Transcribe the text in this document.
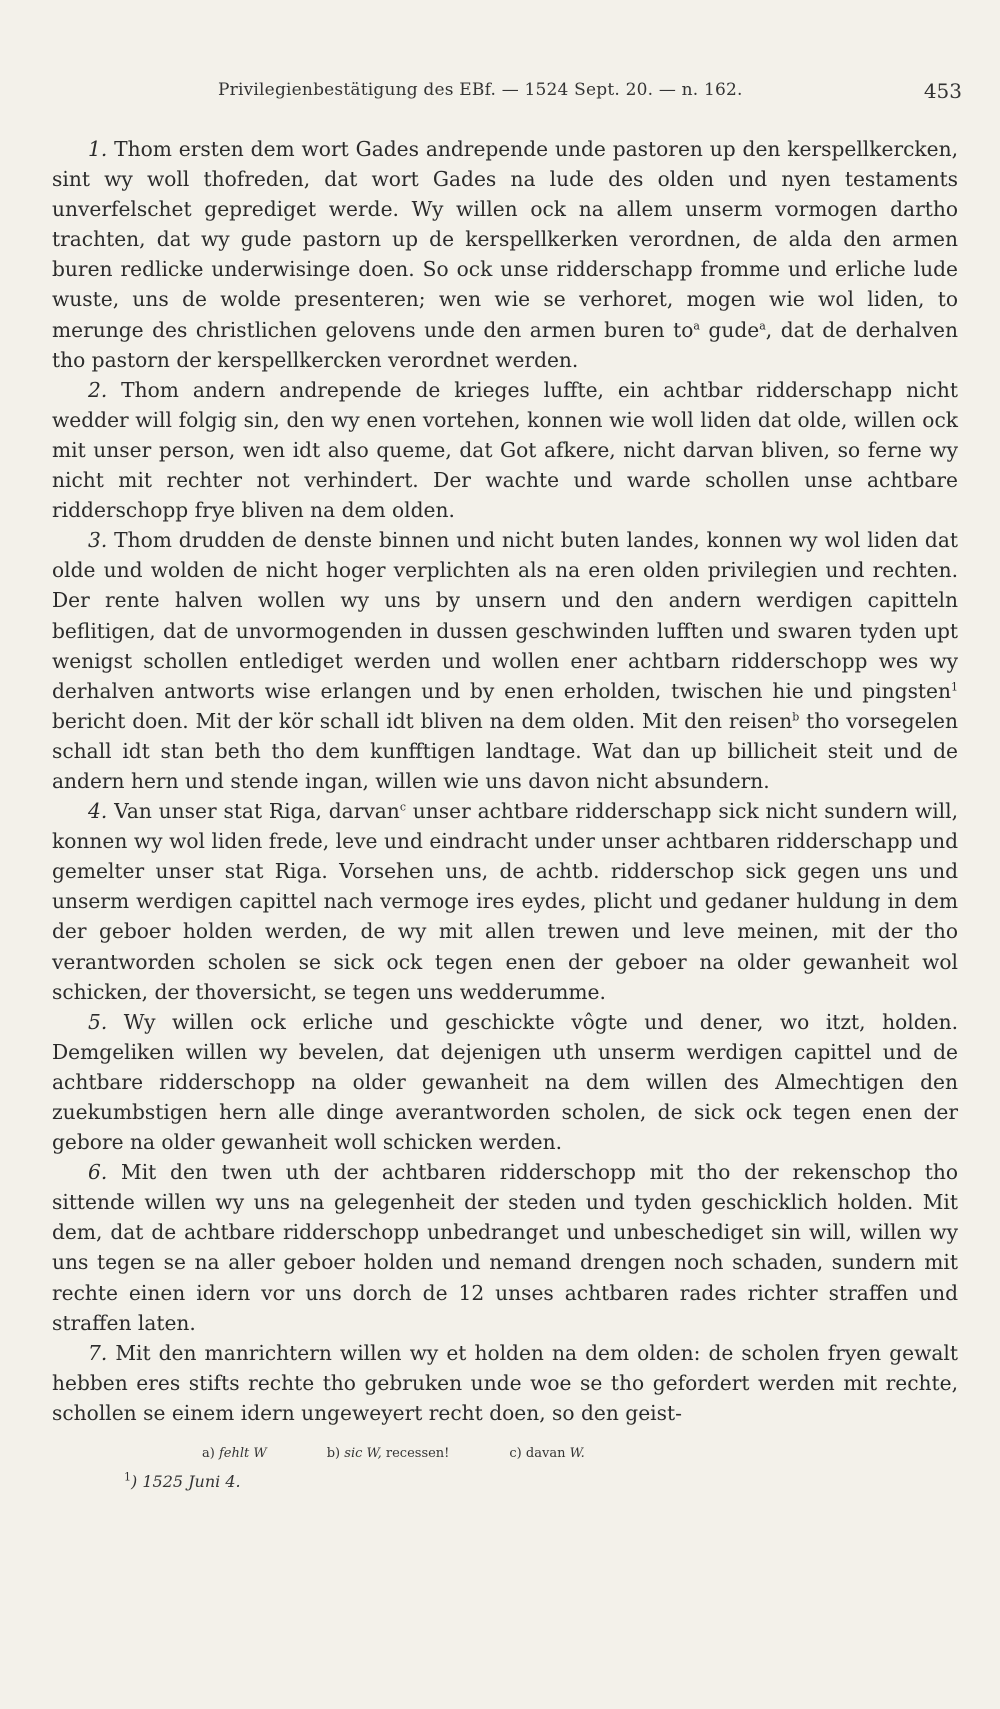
Privilegienbestätigung des EBf. — 1524 Sept. 20. — n. 162.	453

1. Thom ersten dem wort Gades andrepende unde pastoren up den kerspellkercken, sint wy woll thofreden, dat wort Gades na lude des olden und nyen testaments unverfelschet geprediget werde. Wy willen ock na allem unserm vormogen dartho trachten, dat wy gude pastorn up de kerspellkerken verordnen, de alda den armen buren redlicke underwisinge doen. So ock unse ridderschapp fromme und erliche lude wuste, uns de wolde presenteren; wen wie se verhoret, mogen wie wol liden, to merunge des christlichen gelovens unde den armen buren $to^a$ gude$^a$, dat de derhalven tho pastorn der kerspellkercken verordnet werden.

2. Thom andern andrepende de krieges luffte, ein achtbar ridderschapp nicht wedder will folgig sin, den wy enen vortehen, konnen wie woll liden dat olde, willen ock mit unser person, wen idt also queme, dat Got afkere, nicht darvan bliven, so ferne wy nicht mit rechter not verhindert. Der wachte und warde schollen unse achtbare ridderschopp frye bliven na dem olden.

3. Thom drudden de denste binnen und nicht buten landes, konnen wy wol liden dat olde und wolden de nicht hoger verplichten als na eren olden privilegien und rechten. Der rente halven wollen wy uns by unsern und den andern werdigen capitteln beflitigen, dat de unvormogenden in dussen geschwinden lufften und swaren tyden upt wenigst schollen entlediget werden und wollen ener achtbarn ridderschopp wes wy derhalven antworts wise erlangen und by enen erholden, twischen hie und pingsten$^1$ bericht doen. Mit der kör schall idt bliven na dem olden. Mit den reisen$^b$ tho vorsegelen schall idt stan beth tho dem kunfftigen landtage. Wat dan up billicheit steit und de andern hern und stende ingan, willen wie uns davon nicht absundern.

4. Van unser stat Riga, darvan$^c$ unser achtbare ridderschapp sick nicht sundern will, konnen wy wol liden frede, leve und eindracht under unser achtbaren ridderschapp und gemelter unser stat Riga. Vorsehen uns, de achtb. ridderschop sick gegen uns und unserm werdigen capittel nach vermoge ires eydes, plicht und gedaner huldung in dem der geboer holden werden, de wy mit allen trewen und leve meinen, mit der tho verantworden scholen se sick ock tegen enen der geboer na older gewanheit wol schicken, der thoversicht, se tegen uns wedderumme.

5. Wy willen ock erliche und geschickte vôgte und dener, wo itzt, holden. Demgeliken willen wy bevelen, dat dejenigen uth unserm werdigen capittel und de achtbare ridderschopp na older gewanheit na dem willen des Almechtigen den zuekumbstigen hern alle dinge averantworden scholen, de sick ock tegen enen der gebore na older gewanheit woll schicken werden.

6. Mit den twen uth der achtbaren ridderschopp mit tho der rekenschop tho sittende willen wy uns na gelegenheit der steden und tyden geschicklich holden. Mit dem, dat de achtbare ridderschopp unbedranget und unbeschediget sin will, willen wy uns tegen se na aller geboer holden und nemand drengen noch schaden, sundern mit rechte einen idern vor uns dorch de 12 unses achtbaren rades richter straffen und straffen laten.

7. Mit den manrichtern willen wy et holden na dem olden: de scholen fryen gewalt hebben eres stifts rechte tho gebruken unde woe se tho gefordert werden mit rechte, schollen se einem idern ungeweyert recht doen, so den geist-

a) fehlt W	b) sic W, recessen!	c) davan W.
$^1$) 1525 Juni 4.
